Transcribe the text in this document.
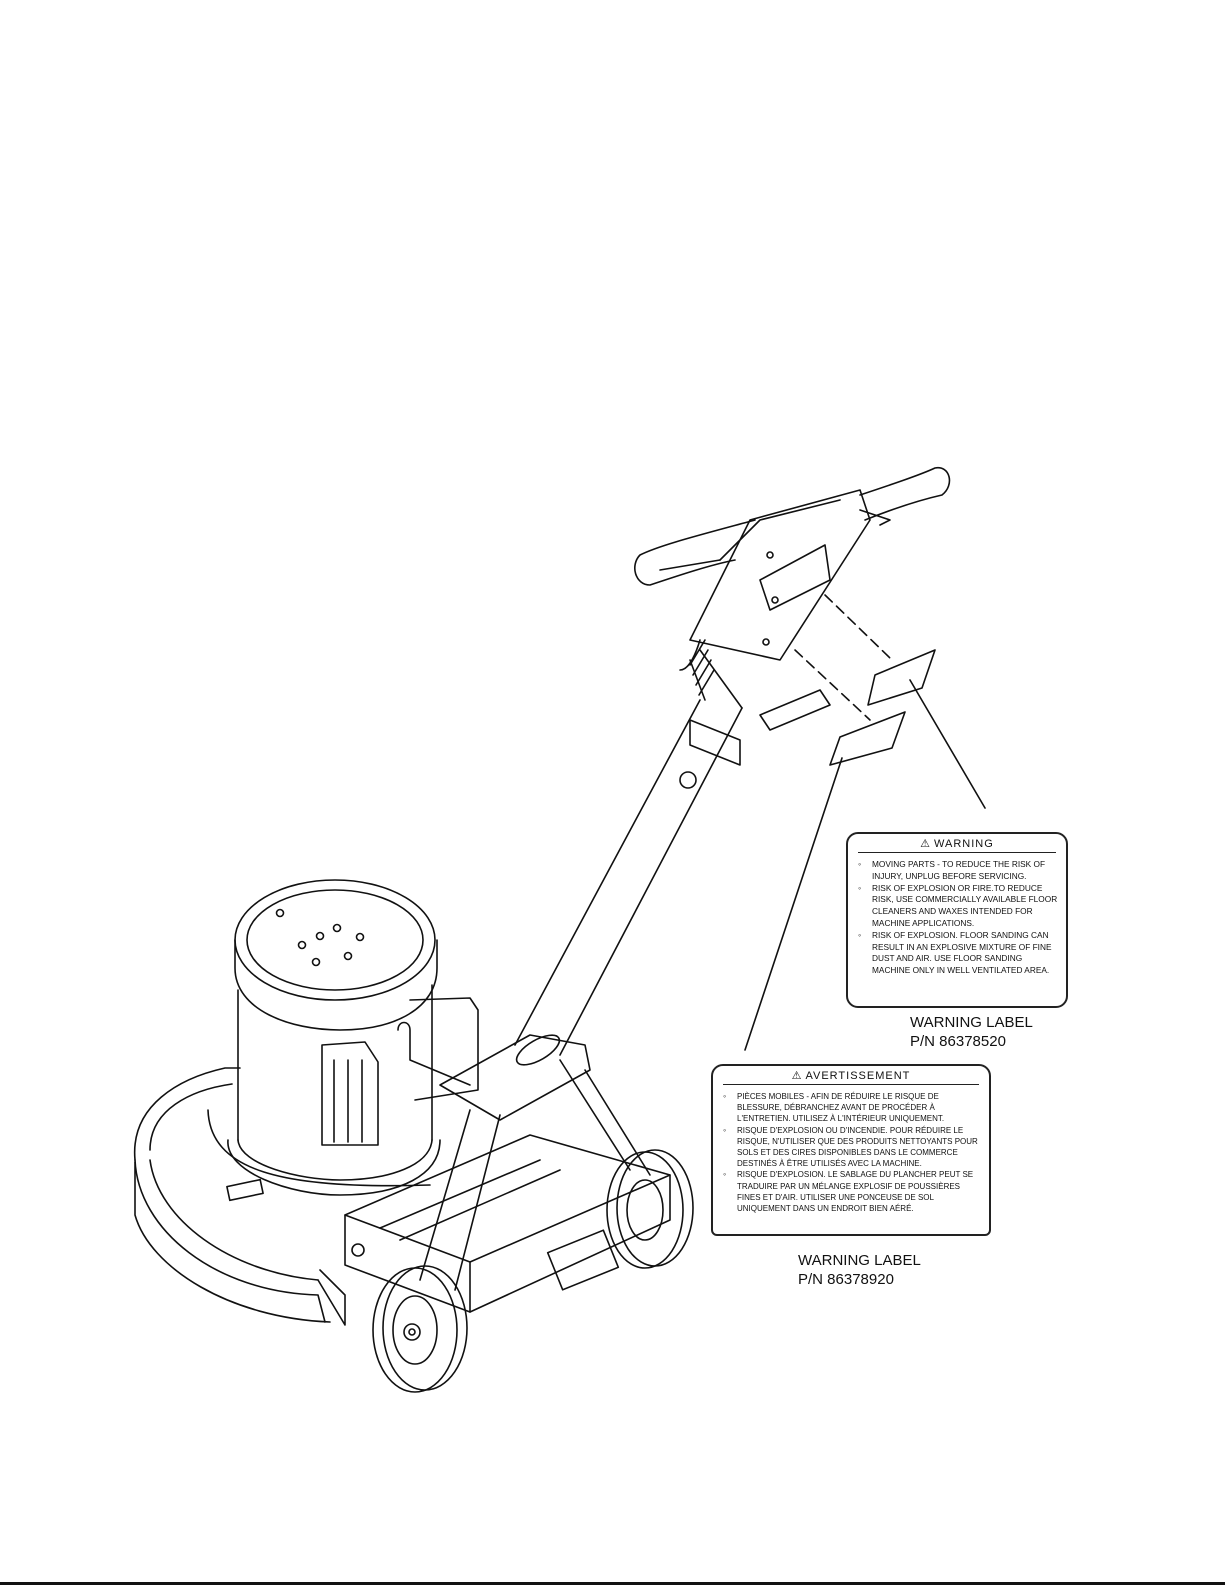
⚠ WARNING
◦ MOVING PARTS - TO REDUCE THE RISK OF INJURY, UNPLUG BEFORE SERVICING.
◦ RISK OF EXPLOSION OR FIRE.TO REDUCE RISK, USE COMMERCIALLY AVAILABLE FLOOR CLEANERS AND WAXES INTENDED FOR MACHINE APPLICATIONS.
◦ RISK OF EXPLOSION. FLOOR SANDING CAN RESULT IN AN EXPLOSIVE MIXTURE OF FINE DUST AND AIR. USE FLOOR SANDING MACHINE ONLY IN WELL VENTILATED AREA.
WARNING LABEL
P/N 86378520
⚠ AVERTISSEMENT
◦ PIÈCES MOBILES - AFIN DE RÉDUIRE LE RISQUE DE BLESSURE, DÉBRANCHEZ AVANT DE PROCÉDER À L'ENTRETIEN. UTILISEZ À L'INTÉRIEUR UNIQUEMENT.
◦ RISQUE D'EXPLOSION OU D'INCENDIE. POUR RÉDUIRE LE RISQUE, N'UTILISER QUE DES PRODUITS NETTOYANTS POUR SOLS ET DES CIRES DISPONIBLES DANS LE COMMERCE DESTINÉS À ÊTRE UTILISÉS AVEC LA MACHINE.
◦ RISQUE D'EXPLOSION. LE SABLAGE DU PLANCHER PEUT SE TRADUIRE PAR UN MÉLANGE EXPLOSIF DE POUSSIÈRES FINES ET D'AIR. UTILISER UNE PONCEUSE DE SOL UNIQUEMENT DANS UN ENDROIT BIEN AÉRÉ.
WARNING LABEL
P/N 86378920
